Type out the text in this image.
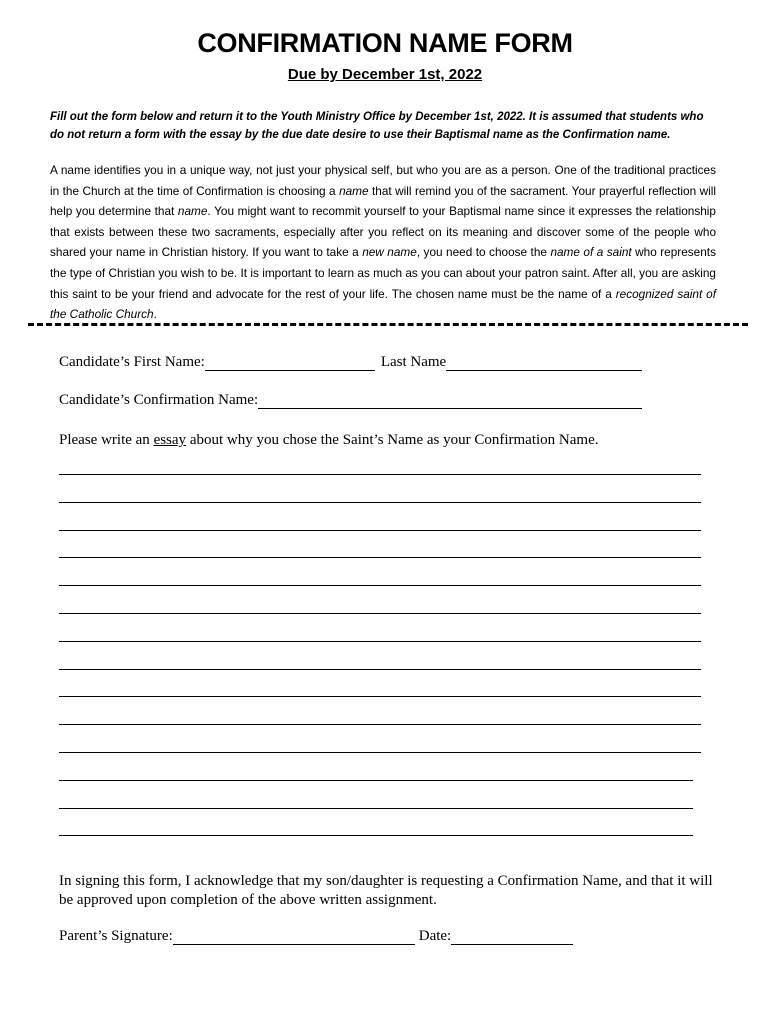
CONFIRMATION NAME FORM
Due by December 1st, 2022
Fill out the form below and return it to the Youth Ministry Office by December 1st, 2022. It is assumed that students who do not return a form with the essay by the due date desire to use their Baptismal name as the Confirmation name.
A name identifies you in a unique way, not just your physical self, but who you are as a person. One of the traditional practices in the Church at the time of Confirmation is choosing a name that will remind you of the sacrament. Your prayerful reflection will help you determine that name. You might want to recommit yourself to your Baptismal name since it expresses the relationship that exists between these two sacraments, especially after you reflect on its meaning and discover some of the people who shared your name in Christian history. If you want to take a new name, you need to choose the name of a saint who represents the type of Christian you wish to be. It is important to learn as much as you can about your patron saint. After all, you are asking this saint to be your friend and advocate for the rest of your life. The chosen name must be the name of a recognized saint of the Catholic Church.
Candidate’s First Name:	Last Name
Candidate’s Confirmation Name:
Please write an essay about why you chose the Saint’s Name as your Confirmation Name.
In signing this form, I acknowledge that my son/daughter is requesting a Confirmation Name, and that it will be approved upon completion of the above written assignment.
Parent’s Signature:	Date:
